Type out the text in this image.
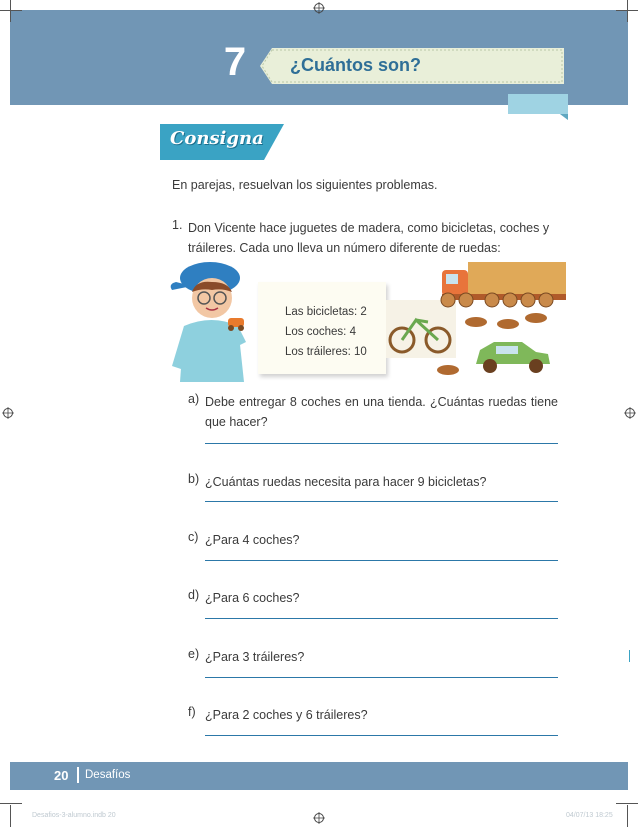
7	¿Cuántos son?
Consigna
En parejas, resuelvan los siguientes problemas.
1. Don Vicente hace juguetes de madera, como bicicletas, coches y tráileres. Cada uno lleva un número diferente de ruedas:
Las bicicletas: 2
Los coches: 4
Los tráileres: 10
a) Debe entregar 8 coches en una tienda. ¿Cuántas ruedas tiene que hacer?
b) ¿Cuántas ruedas necesita para hacer 9 bicicletas?
c) ¿Para 4 coches?
d) ¿Para 6 coches?
e) ¿Para 3 tráileres?
f) ¿Para 2 coches y 6 tráileres?
20 Desafíos
Desafios-3-alumno.indb 20	04/07/13 18:25
